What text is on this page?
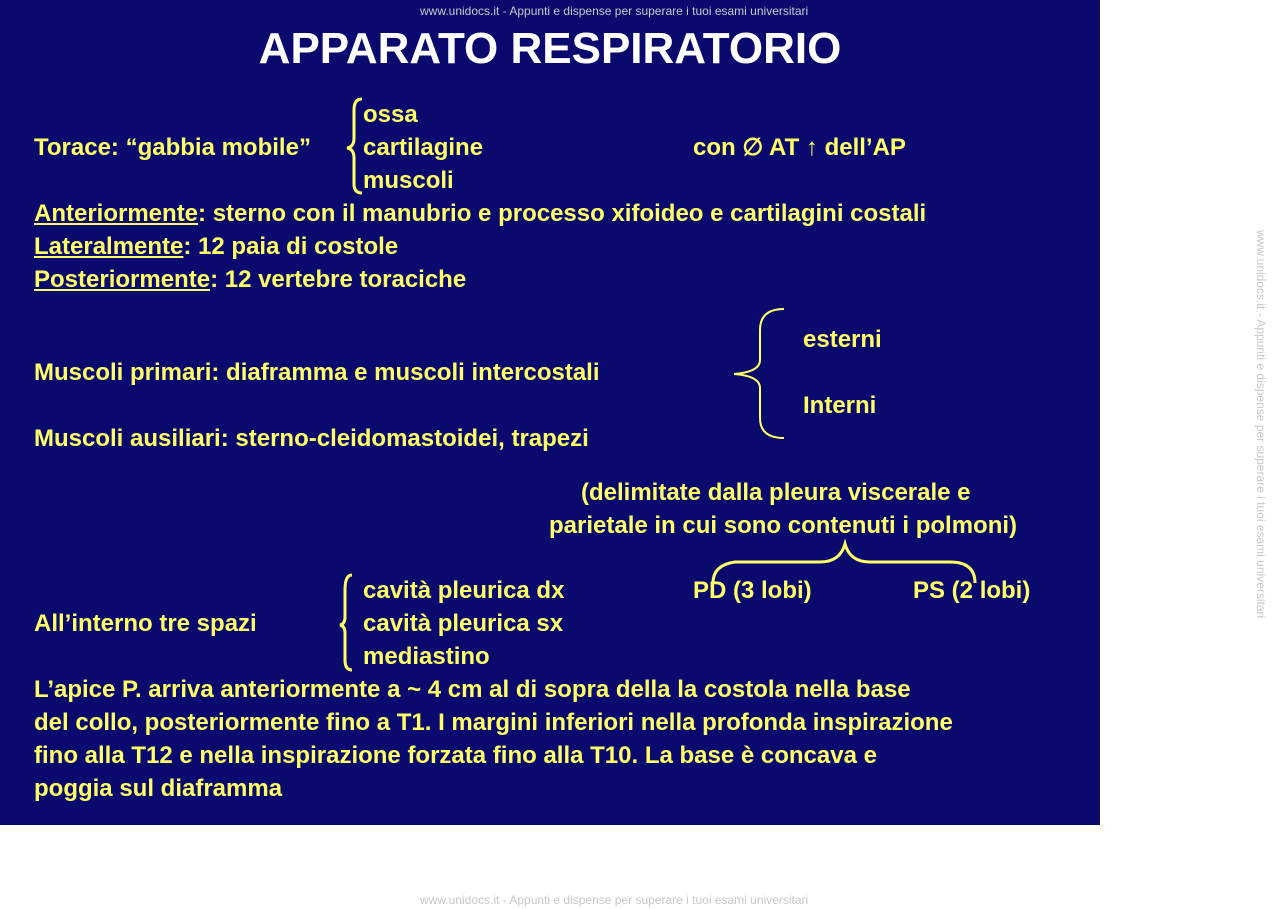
APPARATO RESPIRATORIO
Torace: “gabbia mobile”
ossa
cartilagine
muscoli
con ∅ AT ↑ dell’AP
Anteriormente: sterno con il manubrio e processo xifoideo e cartilagini costali
Lateralmente: 12 paia di costole
Posteriormente: 12 vertebre toraciche
esterni
Muscoli primari: diaframma e muscoli intercostali
Interni
Muscoli ausiliari: sterno-cleidomastoidei, trapezi
(delimitate dalla pleura viscerale e
parietale in cui sono contenuti i polmoni)
cavità pleurica dx	PD (3 lobi)	PS (2 lobi)
All’interno tre spazi	cavità pleurica sx
mediastino
L’apice P. arriva anteriormente a ~ 4 cm al di sopra della la costola nella base
del collo, posteriormente fino a T1. I margini inferiori nella profonda inspirazione
fino alla T12 e nella inspirazione forzata fino alla T10. La base è concava e
poggia sul diaframma
www.unidocs.it - Appunti e dispense per superare i tuoi esami universitari
www.unidocs.it - Appunti e dispense per superare i tuoi esami universitari
www.unidocs.it - Appunti e dispense per superare i tuoi esami universitari
